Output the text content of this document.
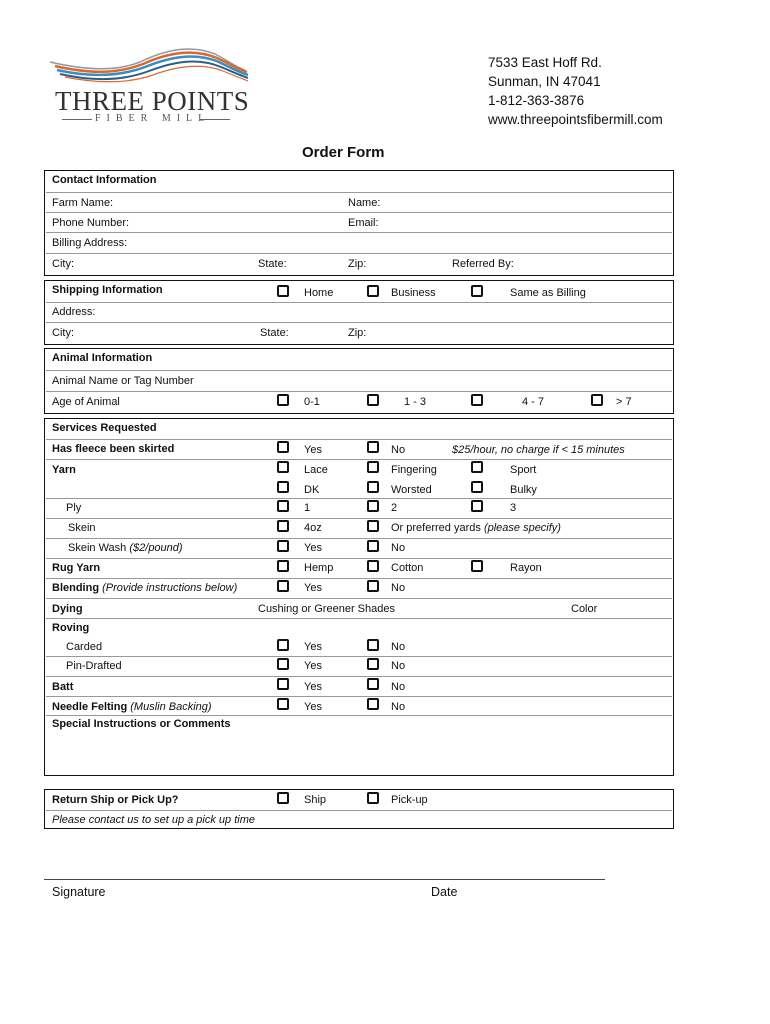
THREE POINTS
FIBER MILL
7533 East Hoff Rd.
Sunman, IN 47041
1-812-363-3876
www.threepointsfibermill.com
Order Form
Contact Information
Farm Name:	Name:
Phone Number:	Email:
Billing Address:
City:	State:	Zip:	Referred By:
Shipping Information	Home	Business	Same as Billing
Address:
City:	State:	Zip:
Animal Information
Animal Name or Tag Number
Age of Animal	0-1	1 - 3	4 - 7	> 7
Services Requested
Has fleece been skirted	Yes	No	$25/hour, no charge if < 15 minutes
Yarn	Lace	Fingering	Sport
DK	Worsted	Bulky
Ply	1	2	3
Skein	4oz	Or preferred yards (please specify)
Skein Wash ($2/pound)	Yes	No
Rug Yarn	Hemp	Cotton	Rayon
Blending (Provide instructions below)	Yes	No
Dying	Cushing or Greener Shades	Color
Roving
Carded	Yes	No
Pin-Drafted	Yes	No
Batt	Yes	No
Needle Felting (Muslin Backing)	Yes	No
Special Instructions or Comments
Return Ship or Pick Up?	Ship	Pick-up
Please contact us to set up a pick up time
Signature	Date
